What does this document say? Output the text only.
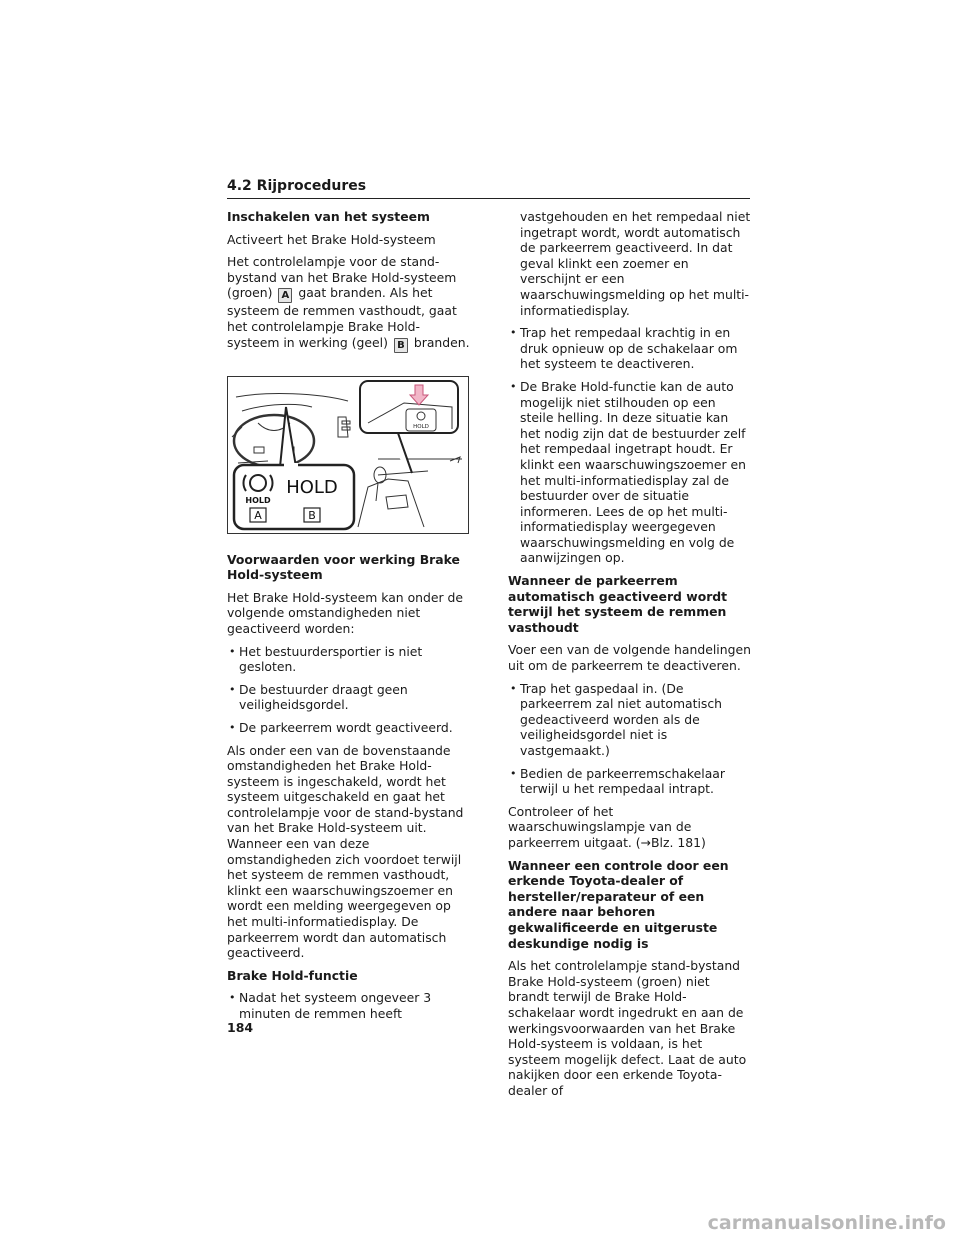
4.2 Rijprocedures
Inschakelen van het systeem

Activeert het Brake Hold-systeem

Het controlelampje voor de stand-bystand van het Brake Hold-systeem (groen) A gaat branden. Als het systeem de remmen vasthoudt, gaat het controlelampje Brake Hold-systeem in werking (geel) B branden.

HOLD
HOLD
HOLD
A	B
Voorwaarden voor werking Brake Hold-systeem

Het Brake Hold-systeem kan onder de volgende omstandigheden niet geactiveerd worden:

• Het bestuurdersportier is niet gesloten.
• De bestuurder draagt geen veiligheidsgordel.
• De parkeerrem wordt geactiveerd.

Als onder een van de bovenstaande omstandigheden het Brake Hold-systeem is ingeschakeld, wordt het systeem uitgeschakeld en gaat het controlelampje voor de stand-bystand van het Brake Hold-systeem uit. Wanneer een van deze omstandigheden zich voordoet terwijl het systeem de remmen vasthoudt, klinkt een waarschuwingszoemer en wordt een melding weergegeven op het multi-informatiedisplay. De parkeerrem wordt dan automatisch geactiveerd.

Brake Hold-functie
• Nadat het systeem ongeveer 3 minuten de remmen heeft
vastgehouden en het rempedaal niet ingetrapt wordt, wordt automatisch de parkeerrem geactiveerd. In dat geval klinkt een zoemer en verschijnt er een waarschuwingsmelding op het multi-informatiedisplay.
• Trap het rempedaal krachtig in en druk opnieuw op de schakelaar om het systeem te deactiveren.
• De Brake Hold-functie kan de auto mogelijk niet stilhouden op een steile helling. In deze situatie kan het nodig zijn dat de bestuurder zelf het rempedaal ingetrapt houdt. Er klinkt een waarschuwingszoemer en het multi-informatiedisplay zal de bestuurder over de situatie informeren. Lees de op het multi-informatiedisplay weergegeven waarschuwingsmelding en volg de aanwijzingen op.
Wanneer de parkeerrem automatisch geactiveerd wordt terwijl het systeem de remmen vasthoudt

Voer een van de volgende handelingen uit om de parkeerrem te deactiveren.

• Trap het gaspedaal in. (De parkeerrem zal niet automatisch gedeactiveerd worden als de veiligheidsgordel niet is vastgemaakt.)
• Bedien de parkeerremschakelaar terwijl u het rempedaal intrapt.

Controleer of het waarschuwingslampje van de parkeerrem uitgaat. (→Blz. 181)

Wanneer een controle door een erkende Toyota-dealer of hersteller/reparateur of een andere naar behoren gekwalificeerde en uitgeruste deskundige nodig is

Als het controlelampje stand-bystand Brake Hold-systeem (groen) niet brandt terwijl de Brake Hold-schakelaar wordt ingedrukt en aan de werkingsvoorwaarden van het Brake Hold-systeem is voldaan, is het systeem mogelijk defect. Laat de auto nakijken door een erkende Toyota-dealer of

184
carmanualsonline.info
